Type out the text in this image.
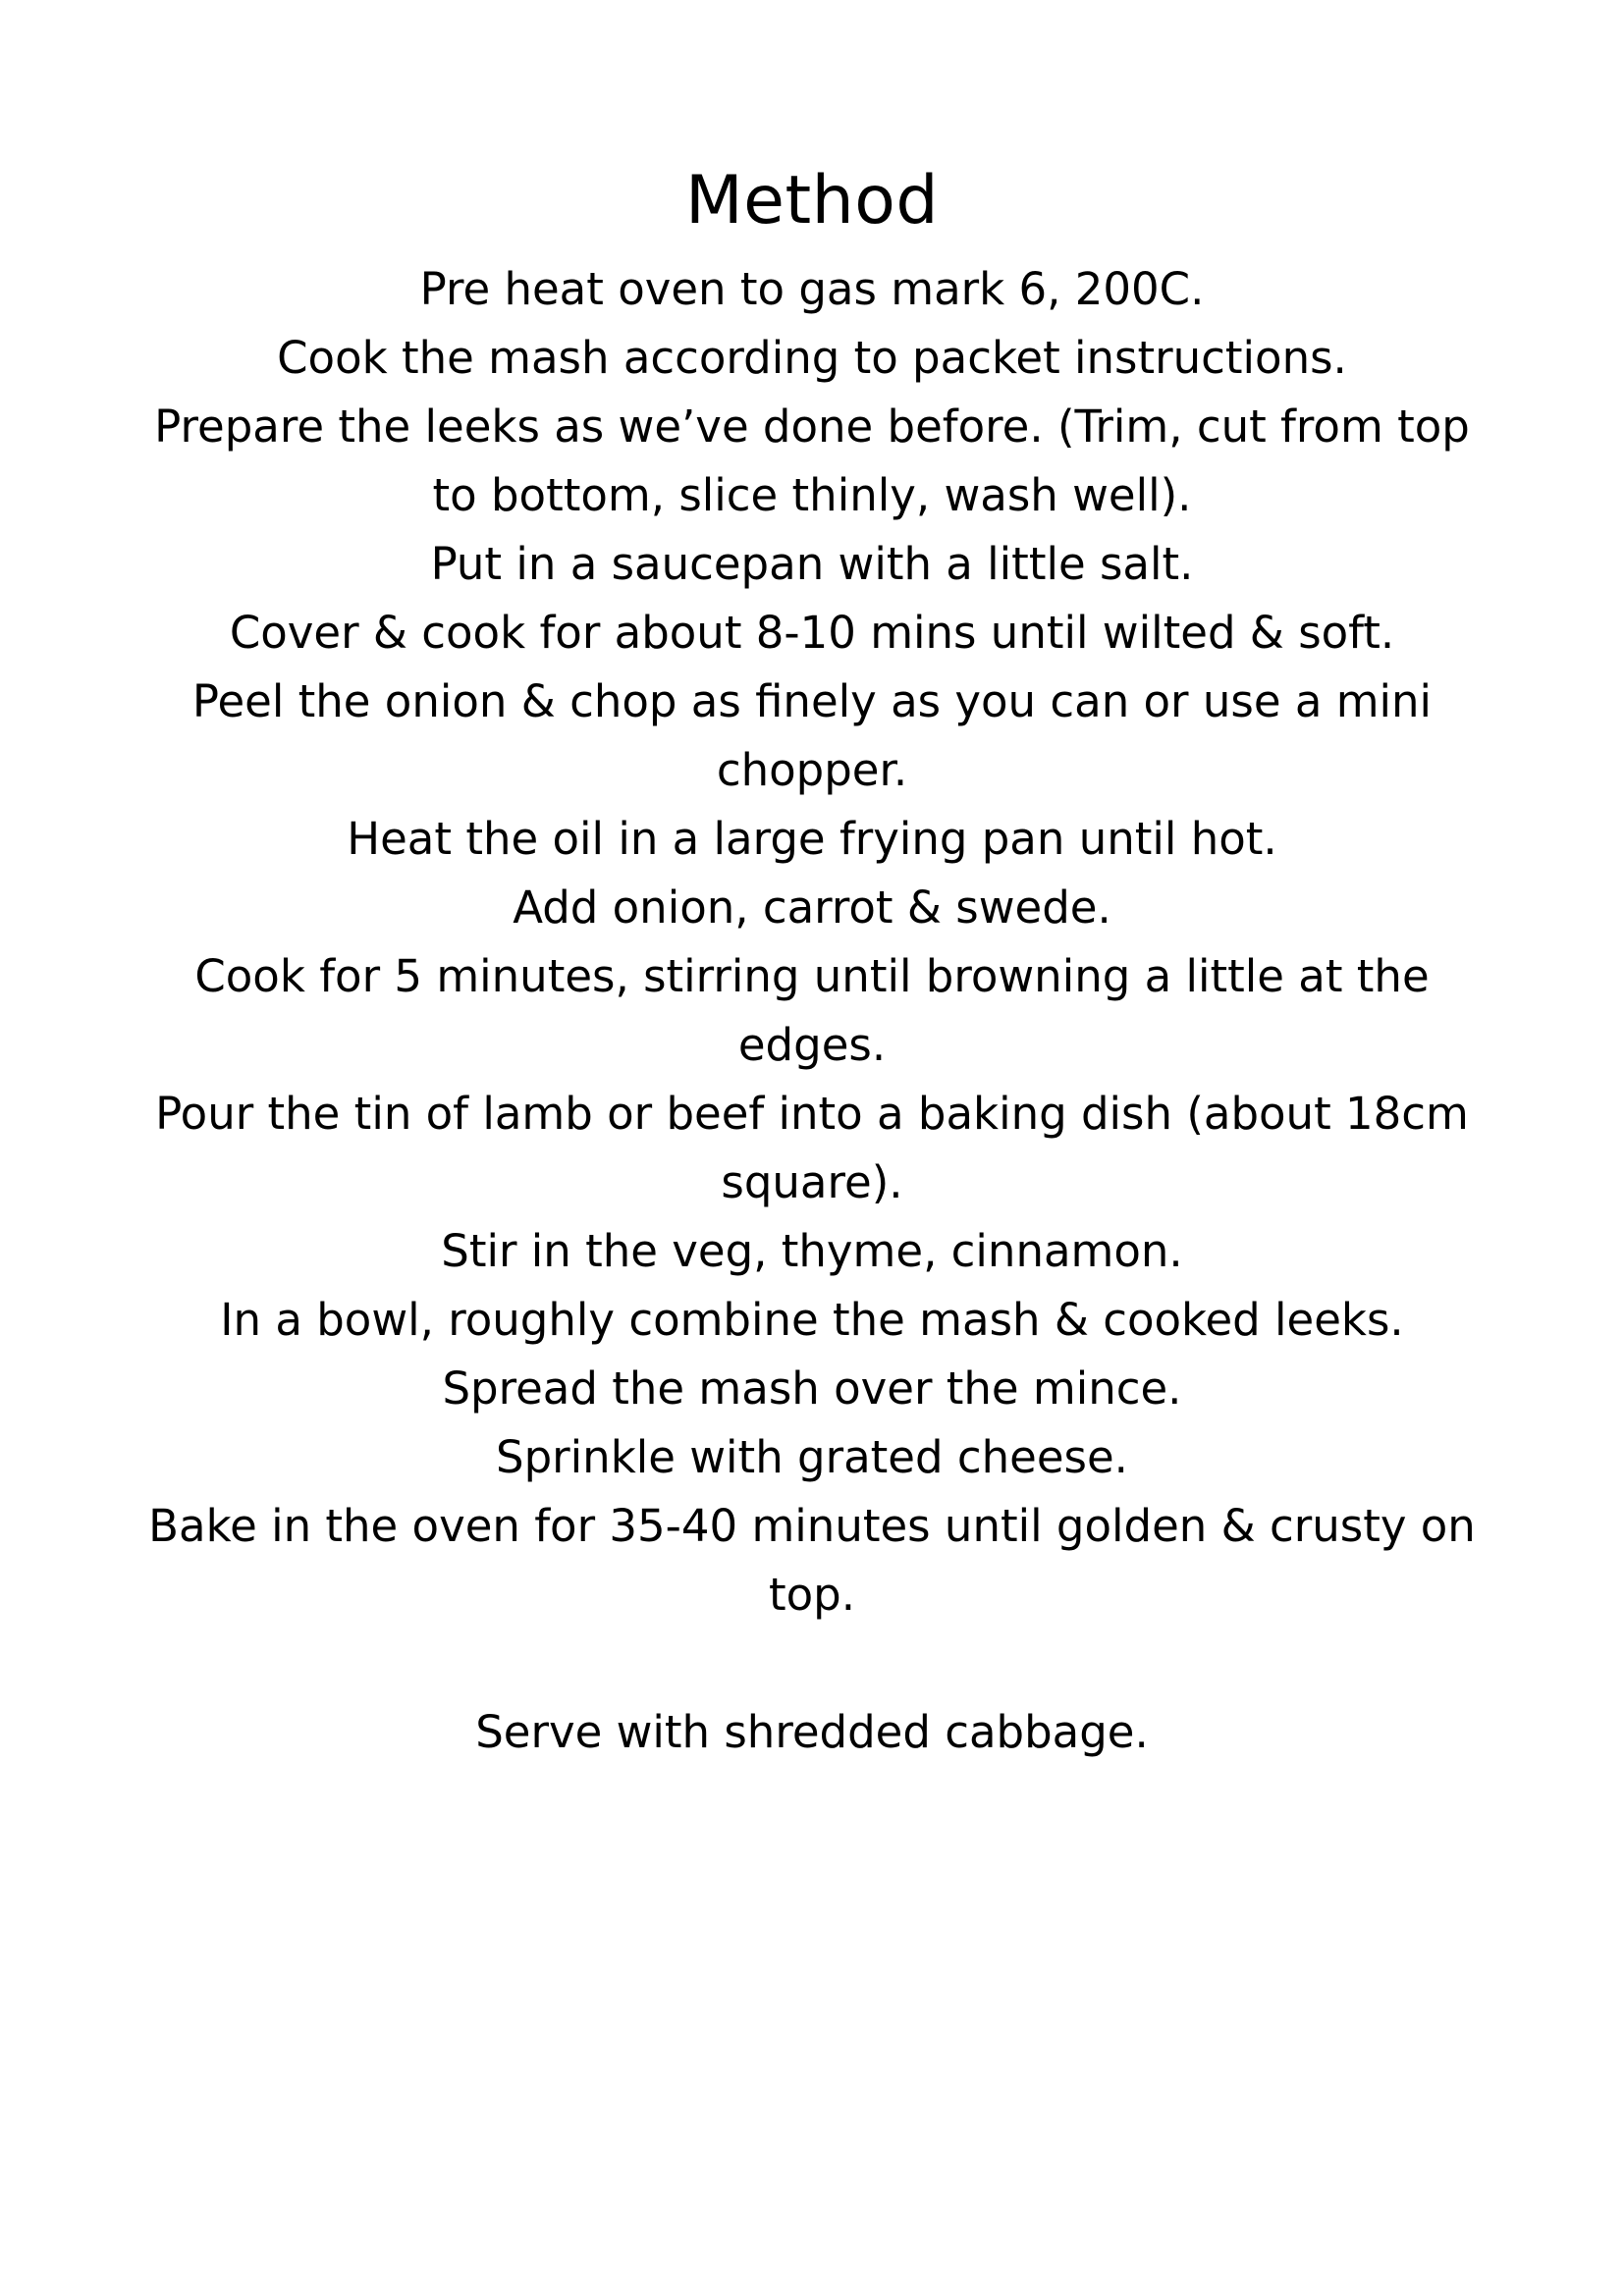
Method
Pre heat oven to gas mark 6, 200C.
Cook the mash according to packet instructions.
Prepare the leeks as we’ve done before. (Trim, cut from top to bottom, slice thinly, wash well).
Put in a saucepan with a little salt.
Cover & cook for about 8-10 mins until wilted & soft.
Peel the onion & chop as finely as you can or use a mini chopper.
Heat the oil in a large frying pan until hot.
Add onion, carrot & swede.
Cook for 5 minutes, stirring until browning a little at the edges.
Pour the tin of lamb or beef into a baking dish (about 18cm square).
Stir in the veg, thyme, cinnamon.
In a bowl, roughly combine the mash & cooked leeks.
Spread the mash over the mince.
Sprinkle with grated cheese.
Bake in the oven for 35-40 minutes until golden & crusty on top.

Serve with shredded cabbage.
